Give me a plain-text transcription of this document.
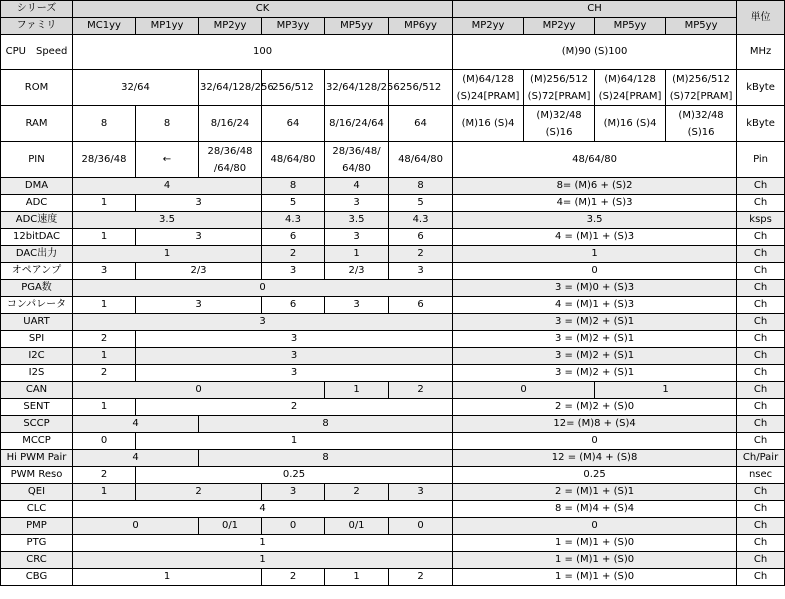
シリーズ	CK						CH				単位
ファミリ	MC1yy	MP1yy	MP2yy	MP3yy	MP5yy	MP6yy	MP2yy	MP2yy	MP5yy	MP5yy	
CPU　Speed	100						(M)90 (S)100				MHz
ROM	32/64		32/64/128/256	256/512	32/64/128/256	256/512	(M)64/128 (S)24[PRAM]	(M)256/512 (S)72[PRAM]	(M)64/128 (S)24[PRAM]	(M)256/512 (S)72[PRAM]	kByte
RAM	8	8	8/16/24	64	8/16/24/64	64	(M)16 (S)4	(M)32/48 (S)16	(M)16 (S)4	(M)32/48 (S)16	kByte
PIN	28/36/48	←	28/36/48 /64/80	48/64/80	28/36/48/ 64/80	48/64/80	48/64/80				Pin
DMA	4			8	4	8	8= (M)6 + (S)2				Ch
ADC	1	3		5	3	5	4= (M)1 + (S)3				Ch
ADC速度	3.5			4.3	3.5	4.3	3.5				ksps
12bitDAC	1	3		6	3	6	4 = (M)1 + (S)3				Ch
DAC出力	1			2	1	2	1				Ch
オペアンプ	3	2/3		3	2/3	3	0				Ch
PGA数	0						3 = (M)0 + (S)3				Ch
コンパレータ	1	3		6	3	6	4 = (M)1 + (S)3				Ch
UART	3						3 = (M)2 + (S)1				Ch
SPI	2	3					3 = (M)2 + (S)1				Ch
I2C	1	3					3 = (M)2 + (S)1				Ch
I2S	2	3					3 = (M)2 + (S)1				Ch
CAN	0				1	2	0		1		Ch
SENT	1	2					2 = (M)2 + (S)0				Ch
SCCP	4		8				12= (M)8 + (S)4				Ch
MCCP	0	1					0				Ch
Hi PWM Pair	4		8				12 = (M)4 + (S)8				Ch/Pair
PWM Reso	2	0.25					0.25				nsec
QEI	1	2		3	2	3	2 = (M)1 + (S)1				Ch
CLC	4						8 = (M)4 + (S)4				Ch
PMP	0		0/1	0	0/1	0	0				Ch
PTG	1						1 = (M)1 + (S)0				Ch
CRC	1						1 = (M)1 + (S)0				Ch
CBG	1			2	1	2	1 = (M)1 + (S)0				Ch
